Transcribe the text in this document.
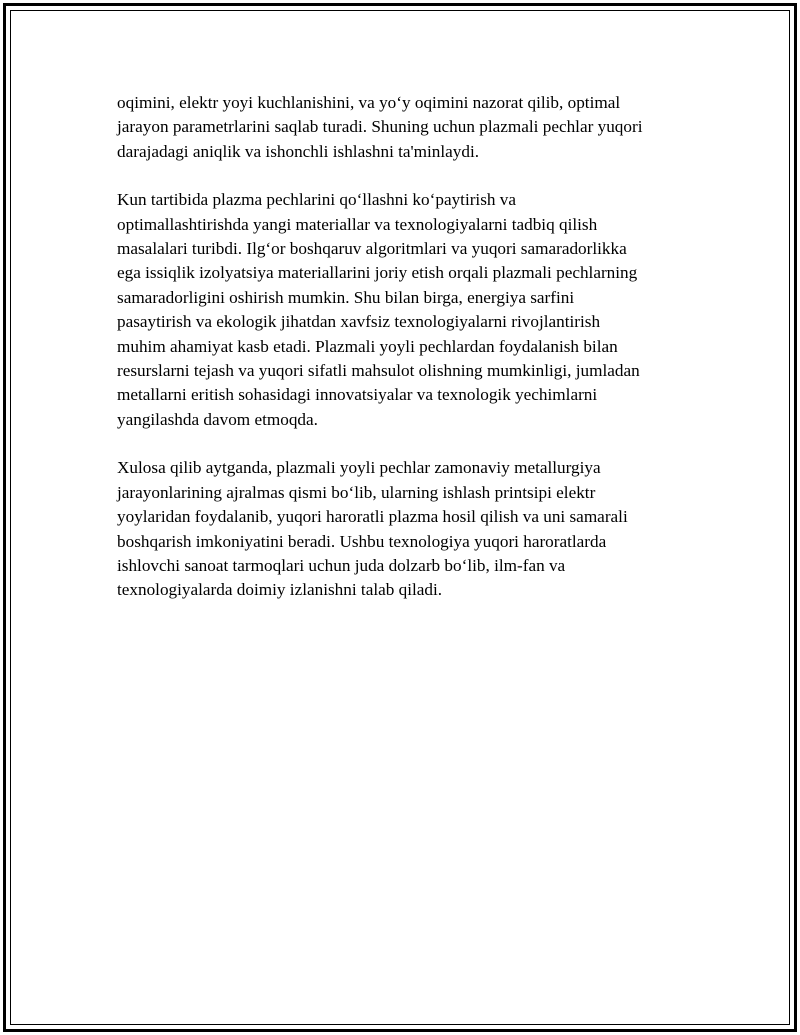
oqimini, elektr yoyi kuchlanishini, va yo‘y oqimini nazorat qilib, optimal
jarayon parametrlarini saqlab turadi. Shuning uchun plazmali pechlar yuqori
darajadagi aniqlik va ishonchli ishlashni ta'minlaydi.

Kun tartibida plazma pechlarini qo‘llashni ko‘paytirish va
optimallashtirishda yangi materiallar va texnologiyalarni tadbiq qilish
masalalari turibdi. Ilg‘or boshqaruv algoritmlari va yuqori samaradorlikka
ega issiqlik izolyatsiya materiallarini joriy etish orqali plazmali pechlarning
samaradorligini oshirish mumkin. Shu bilan birga, energiya sarfini
pasaytirish va ekologik jihatdan xavfsiz texnologiyalarni rivojlantirish
muhim ahamiyat kasb etadi. Plazmali yoyli pechlardan foydalanish bilan
resurslarni tejash va yuqori sifatli mahsulot olishning mumkinligi, jumladan
metallarni eritish sohasidagi innovatsiyalar va texnologik yechimlarni
yangilashda davom etmoqda.

Xulosa qilib aytganda, plazmali yoyli pechlar zamonaviy metallurgiya
jarayonlarining ajralmas qismi bo‘lib, ularning ishlash printsipi elektr
yoylaridan foydalanib, yuqori haroratli plazma hosil qilish va uni samarali
boshqarish imkoniyatini beradi. Ushbu texnologiya yuqori haroratlarda
ishlovchi sanoat tarmoqlari uchun juda dolzarb bo‘lib, ilm-fan va
texnologiyalarda doimiy izlanishni talab qiladi.
